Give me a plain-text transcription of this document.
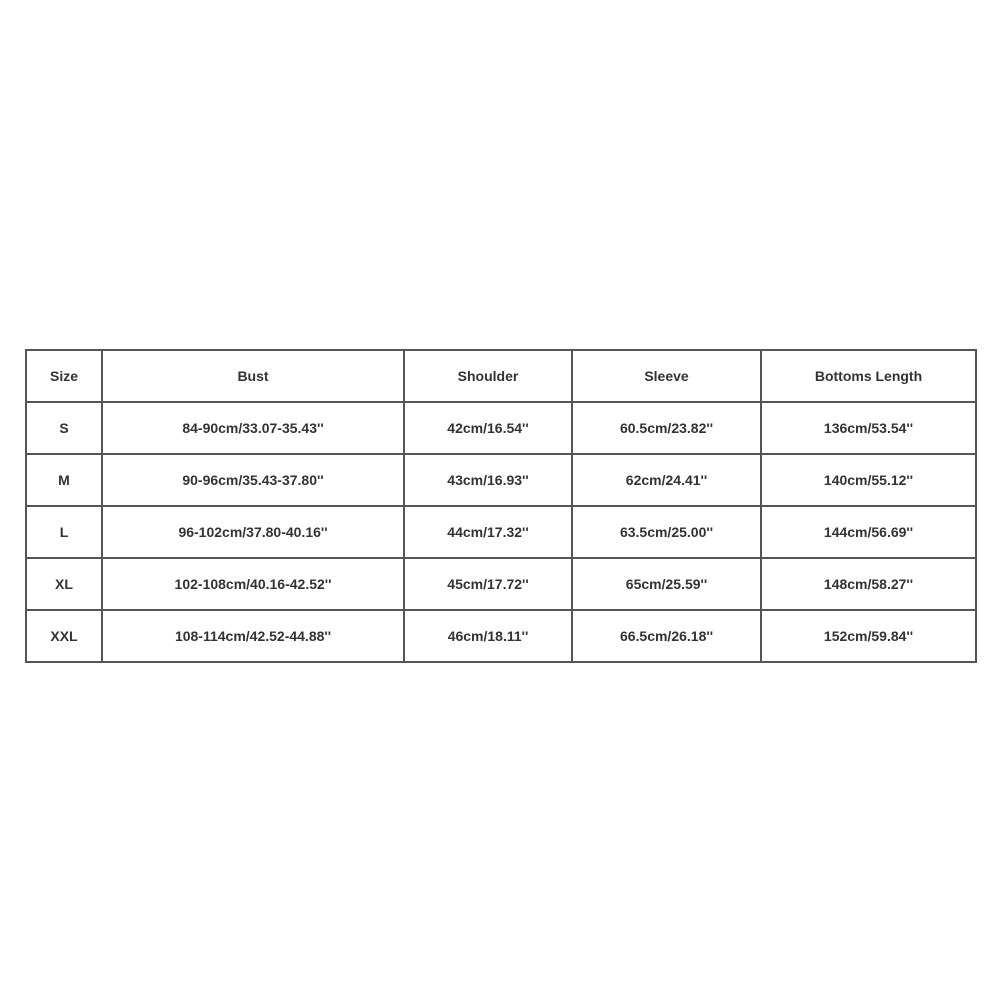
Size	Bust	Shoulder	Sleeve	Bottoms Length
S	84-90cm/33.07-35.43''	42cm/16.54''	60.5cm/23.82''	136cm/53.54''
M	90-96cm/35.43-37.80''	43cm/16.93''	62cm/24.41''	140cm/55.12''
L	96-102cm/37.80-40.16''	44cm/17.32''	63.5cm/25.00''	144cm/56.69''
XL	102-108cm/40.16-42.52''	45cm/17.72''	65cm/25.59''	148cm/58.27''
XXL	108-114cm/42.52-44.88''	46cm/18.11''	66.5cm/26.18''	152cm/59.84''
